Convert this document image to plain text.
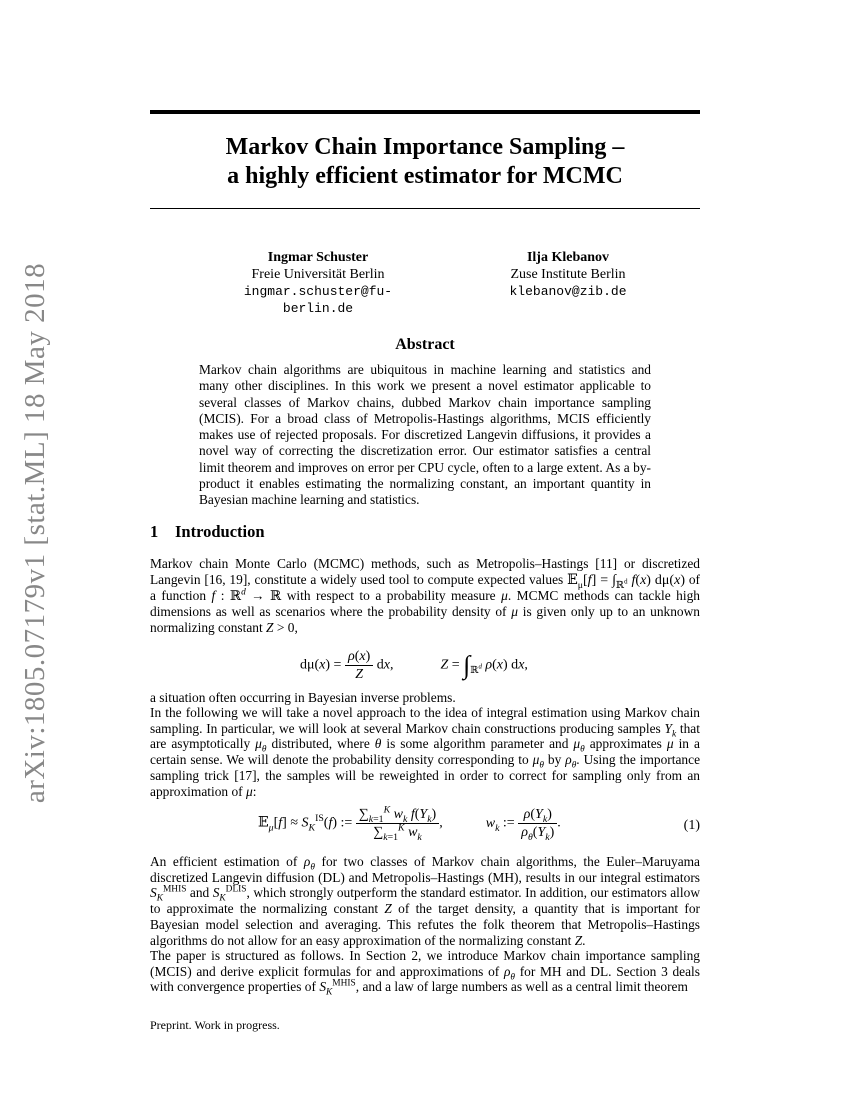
arXiv:1805.07179v1 [stat.ML] 18 May 2018
Markov Chain Importance Sampling –
a highly efficient estimator for MCMC
Ingmar Schuster
Freie Universität Berlin
ingmar.schuster@fu-berlin.de
Ilja Klebanov
Zuse Institute Berlin
klebanov@zib.de
Abstract
Markov chain algorithms are ubiquitous in machine learning and statistics and many other disciplines. In this work we present a novel estimator applicable to several classes of Markov chains, dubbed Markov chain importance sampling (MCIS). For a broad class of Metropolis-Hastings algorithms, MCIS efficiently makes use of rejected proposals. For discretized Langevin diffusions, it provides a novel way of correcting the discretization error. Our estimator satisfies a central limit theorem and improves on error per CPU cycle, often to a large extent. As a by-product it enables estimating the normalizing constant, an important quantity in Bayesian machine learning and statistics.
1 Introduction
Markov chain Monte Carlo (MCMC) methods, such as Metropolis–Hastings [11] or discretized Langevin [16, 19], constitute a widely used tool to compute expected values 𝔼$_\mu$[f] = $\int_{ℝ^d}$ f(x) dμ(x) of a function f : ℝ$^d$ → ℝ with respect to a probability measure μ. MCMC methods can tackle high dimensions as well as scenarios where the probability density of μ is given only up to an unknown normalizing constant Z > 0,
$d\mu(x) = \frac{\rho(x)}{Z}$ dx,	$Z = \int_{ℝ^d}$ ρ(x) dx,
a situation often occurring in Bayesian inverse problems.
In the following we will take a novel approach to the idea of integral estimation using Markov chain sampling. In particular, we will look at several Markov chain constructions producing samples $Y_k$ that are asymptotically $\mu_\theta$ distributed, where θ is some algorithm parameter and $\mu_\theta$ approximates μ in a certain sense. We will denote the probability density corresponding to $\mu_\theta$ by $\rho_\theta$. Using the importance sampling trick [17], the samples will be reweighted in order to correct for sampling only from an approximation of μ:
𝔼$_\mu$[f] ≈ $S_K^{IS}(f)$ := $\frac{\sum_{k=1}^K w_k f(Y_k)}{\sum_{k=1}^K w_k}$ ,	$w_k$ := $\frac{\rho(Y_k)}{\rho_\theta(Y_k)}$ .	(1)
An efficient estimation of $\rho_\theta$ for two classes of Markov chain algorithms, the Euler–Maruyama discretized Langevin diffusion (DL) and Metropolis–Hastings (MH), results in our integral estimators $S_K^{MHIS}$ and $S_K^{DLIS}$, which strongly outperform the standard estimator. In addition, our estimators allow to approximate the normalizing constant Z of the target density, a quantity that is important for Bayesian model selection and averaging. This refutes the folk theorem that Metropolis–Hastings algorithms do not allow for an easy approximation of the normalizing constant Z.
The paper is structured as follows. In Section 2, we introduce Markov chain importance sampling (MCIS) and derive explicit formulas for and approximations of $\rho_\theta$ for MH and DL. Section 3 deals with convergence properties of $S_K^{MHIS}$, and a law of large numbers as well as a central limit theorem
Preprint. Work in progress.
